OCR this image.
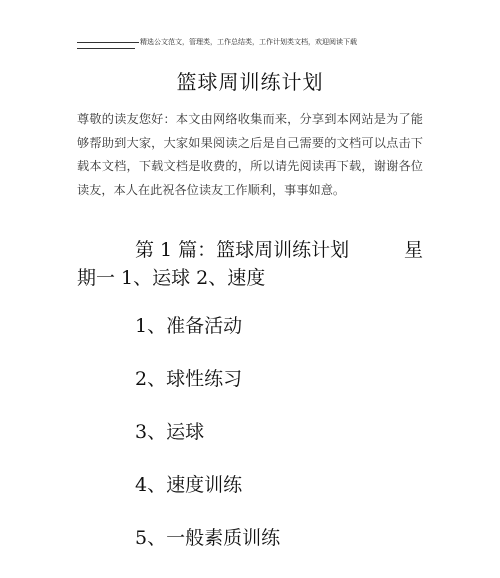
精选公文范文，管理类，工作总结类，工作计划类文档，欢迎阅读下载
篮球周训练计划
尊敬的读友您好：本文由网络收集而来，分享到本网站是为了能够帮助到大家，大家如果阅读之后是自己需要的文档可以点击下载本文档，下载文档是收费的，所以请先阅读再下载，谢谢各位读友，本人在此祝各位读友工作顺利，事事如意。
第 1 篇：篮球周训练计划	星
期一 1、运球 2、速度
1、准备活动
2、球性练习
3、运球
4、速度训练
5、一般素质训练
